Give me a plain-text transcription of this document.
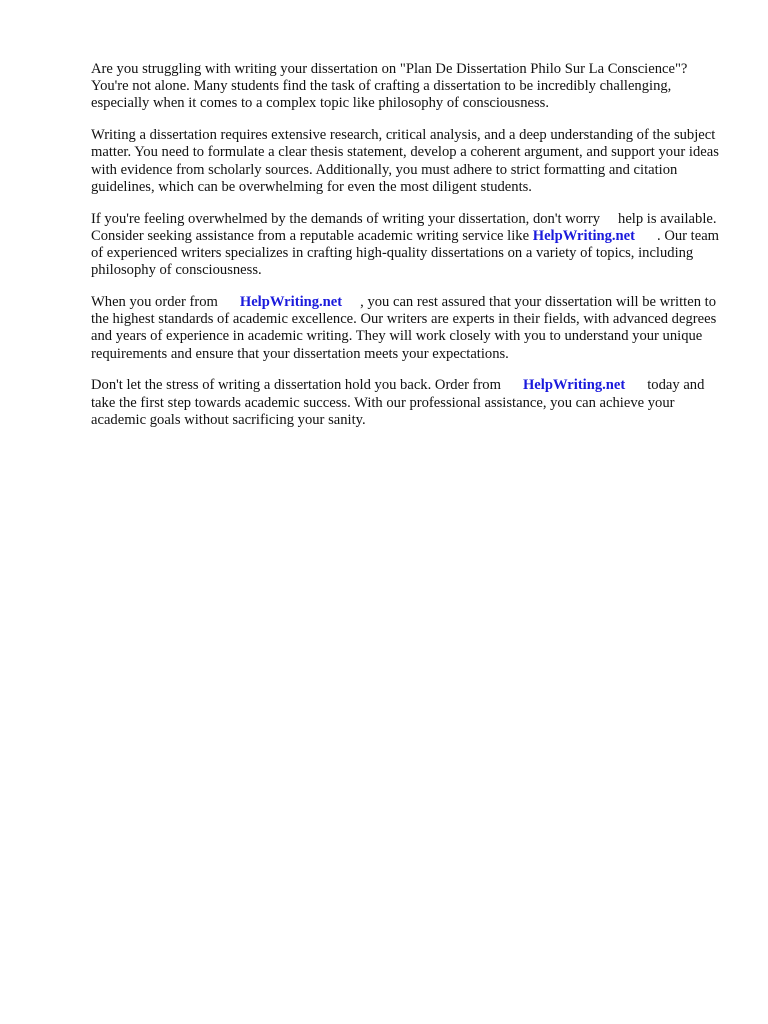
Are you struggling with writing your dissertation on "Plan De Dissertation Philo Sur La Conscience"? You're not alone. Many students find the task of crafting a dissertation to be incredibly challenging, especially when it comes to a complex topic like philosophy of consciousness.

Writing a dissertation requires extensive research, critical analysis, and a deep understanding of the subject matter. You need to formulate a clear thesis statement, develop a coherent argument, and support your ideas with evidence from scholarly sources. Additionally, you must adhere to strict formatting and citation guidelines, which can be overwhelming for even the most diligent students.

If you're feeling overwhelmed by the demands of writing your dissertation, don't worry help is available. Consider seeking assistance from a reputable academic writing service like HelpWriting.net . Our team of experienced writers specializes in crafting high-quality dissertations on a variety of topics, including philosophy of consciousness.

When you order from HelpWriting.net , you can rest assured that your dissertation will be written to the highest standards of academic excellence. Our writers are experts in their fields, with advanced degrees and years of experience in academic writing. They will work closely with you to understand your unique requirements and ensure that your dissertation meets your expectations.

Don't let the stress of writing a dissertation hold you back. Order from HelpWriting.net today and take the first step towards academic success. With our professional assistance, you can achieve your academic goals without sacrificing your sanity.
